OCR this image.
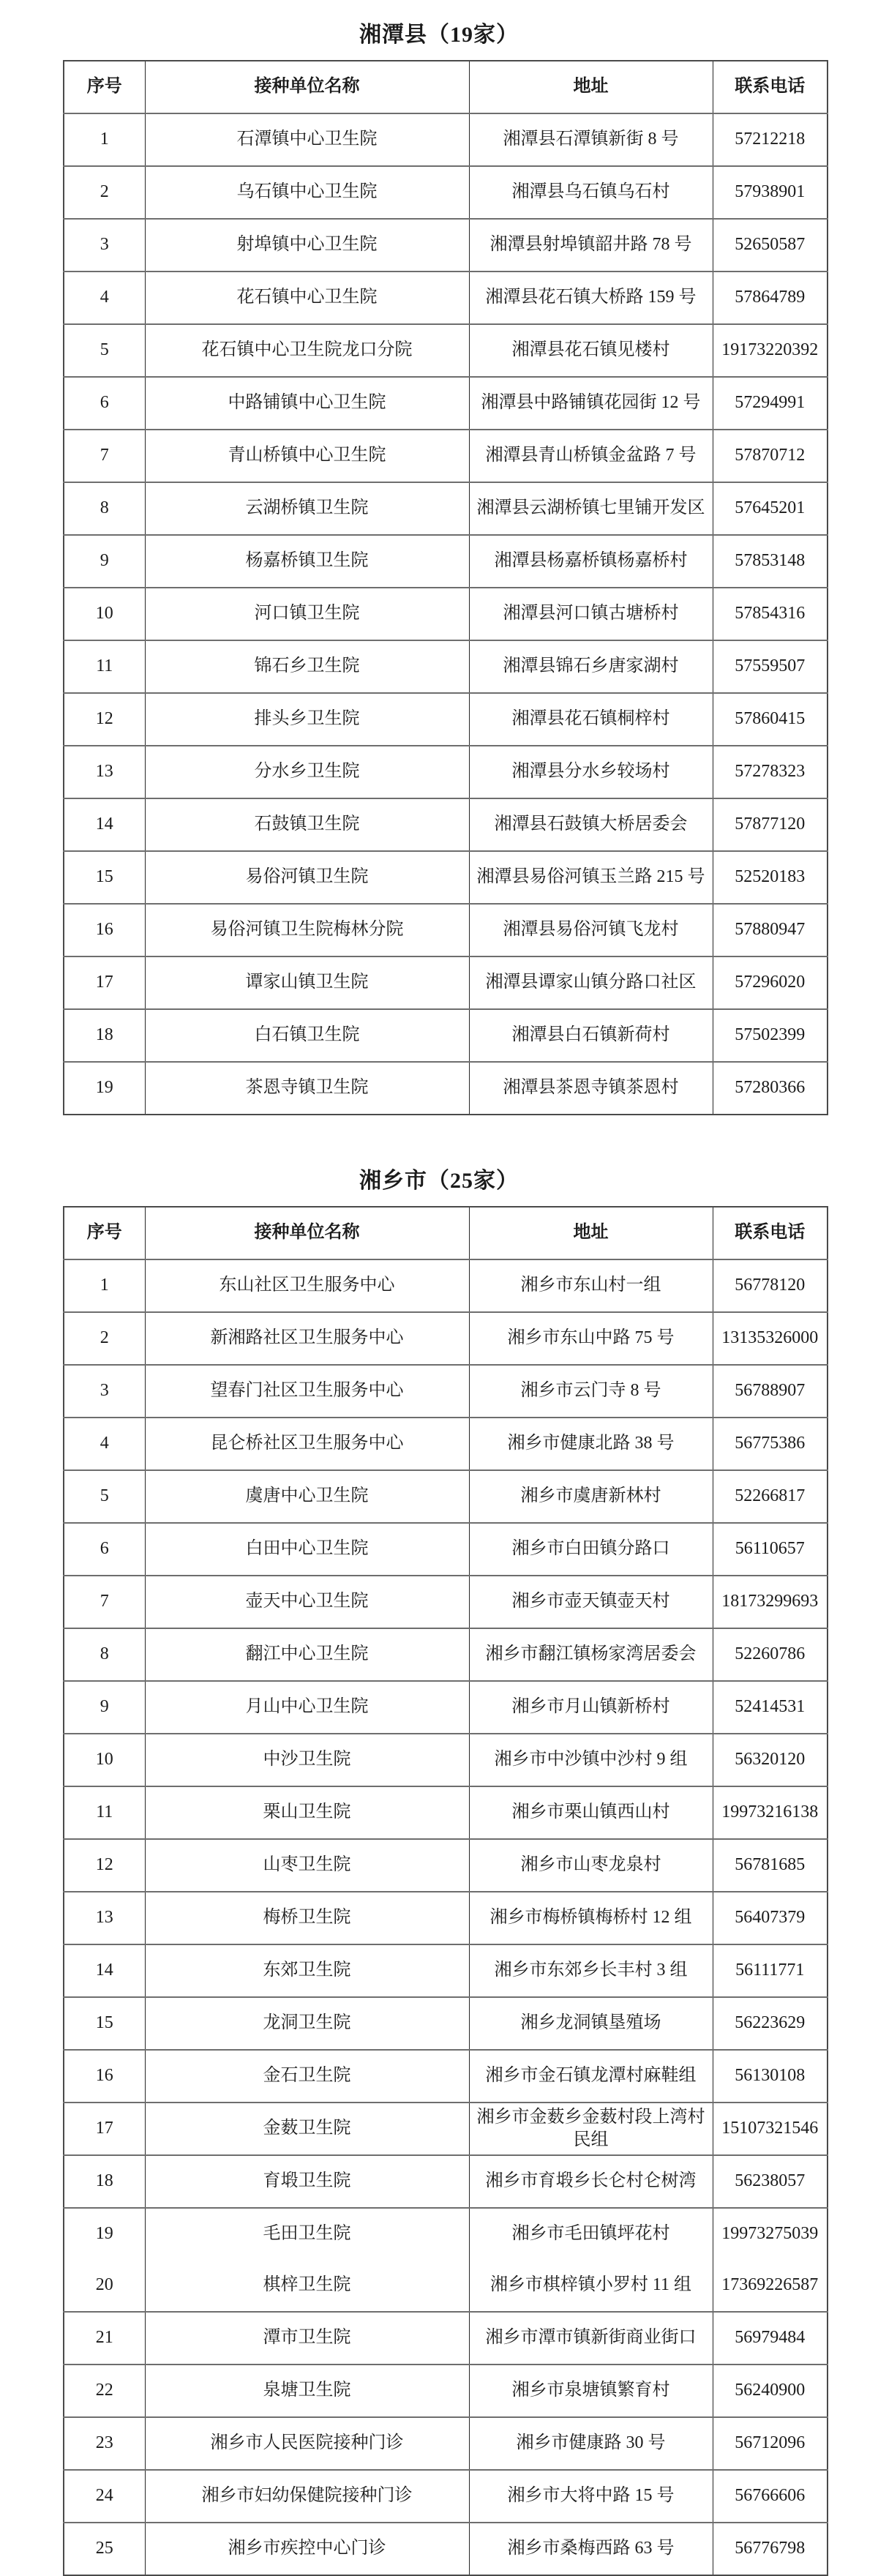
湘潭县（19家）
序号	接种单位名称	地址	联系电话
1	石潭镇中心卫生院	湘潭县石潭镇新街 8 号	57212218
2	乌石镇中心卫生院	湘潭县乌石镇乌石村	57938901
3	射埠镇中心卫生院	湘潭县射埠镇韶井路 78 号	52650587
4	花石镇中心卫生院	湘潭县花石镇大桥路 159 号	57864789
5	花石镇中心卫生院龙口分院	湘潭县花石镇见楼村	19173220392
6	中路铺镇中心卫生院	湘潭县中路铺镇花园街 12 号	57294991
7	青山桥镇中心卫生院	湘潭县青山桥镇金盆路 7 号	57870712
8	云湖桥镇卫生院	湘潭县云湖桥镇七里铺开发区	57645201
9	杨嘉桥镇卫生院	湘潭县杨嘉桥镇杨嘉桥村	57853148
10	河口镇卫生院	湘潭县河口镇古塘桥村	57854316
11	锦石乡卫生院	湘潭县锦石乡唐家湖村	57559507
12	排头乡卫生院	湘潭县花石镇桐梓村	57860415
13	分水乡卫生院	湘潭县分水乡较场村	57278323
14	石鼓镇卫生院	湘潭县石鼓镇大桥居委会	57877120
15	易俗河镇卫生院	湘潭县易俗河镇玉兰路 215 号	52520183
16	易俗河镇卫生院梅林分院	湘潭县易俗河镇飞龙村	57880947
17	谭家山镇卫生院	湘潭县谭家山镇分路口社区	57296020
18	白石镇卫生院	湘潭县白石镇新荷村	57502399
19	茶恩寺镇卫生院	湘潭县茶恩寺镇茶恩村	57280366
湘乡市（25家）
序号	接种单位名称	地址	联系电话
1	东山社区卫生服务中心	湘乡市东山村一组	56778120
2	新湘路社区卫生服务中心	湘乡市东山中路 75 号	13135326000
3	望春门社区卫生服务中心	湘乡市云门寺 8 号	56788907
4	昆仑桥社区卫生服务中心	湘乡市健康北路 38 号	56775386
5	虞唐中心卫生院	湘乡市虞唐新林村	52266817
6	白田中心卫生院	湘乡市白田镇分路口	56110657
7	壶天中心卫生院	湘乡市壶天镇壶天村	18173299693
8	翻江中心卫生院	湘乡市翻江镇杨家湾居委会	52260786
9	月山中心卫生院	湘乡市月山镇新桥村	52414531
10	中沙卫生院	湘乡市中沙镇中沙村 9 组	56320120
11	栗山卫生院	湘乡市栗山镇西山村	19973216138
12	山枣卫生院	湘乡市山枣龙泉村	56781685
13	梅桥卫生院	湘乡市梅桥镇梅桥村 12 组	56407379
14	东郊卫生院	湘乡市东郊乡长丰村 3 组	56111771
15	龙洞卫生院	湘乡龙洞镇垦殖场	56223629
16	金石卫生院	湘乡市金石镇龙潭村麻鞋组	56130108
17	金薮卫生院	湘乡市金薮乡金薮村段上湾村民组	15107321546
18	育塅卫生院	湘乡市育塅乡长仑村仑树湾	56238057
19	毛田卫生院	湘乡市毛田镇坪花村	19973275039
20	棋梓卫生院	湘乡市棋梓镇小罗村 11 组	17369226587
21	潭市卫生院	湘乡市潭市镇新街商业街口	56979484
22	泉塘卫生院	湘乡市泉塘镇繁育村	56240900
23	湘乡市人民医院接种门诊	湘乡市健康路 30 号	56712096
24	湘乡市妇幼保健院接种门诊	湘乡市大将中路 15 号	56766606
25	湘乡市疾控中心门诊	湘乡市桑梅西路 63 号	56776798
